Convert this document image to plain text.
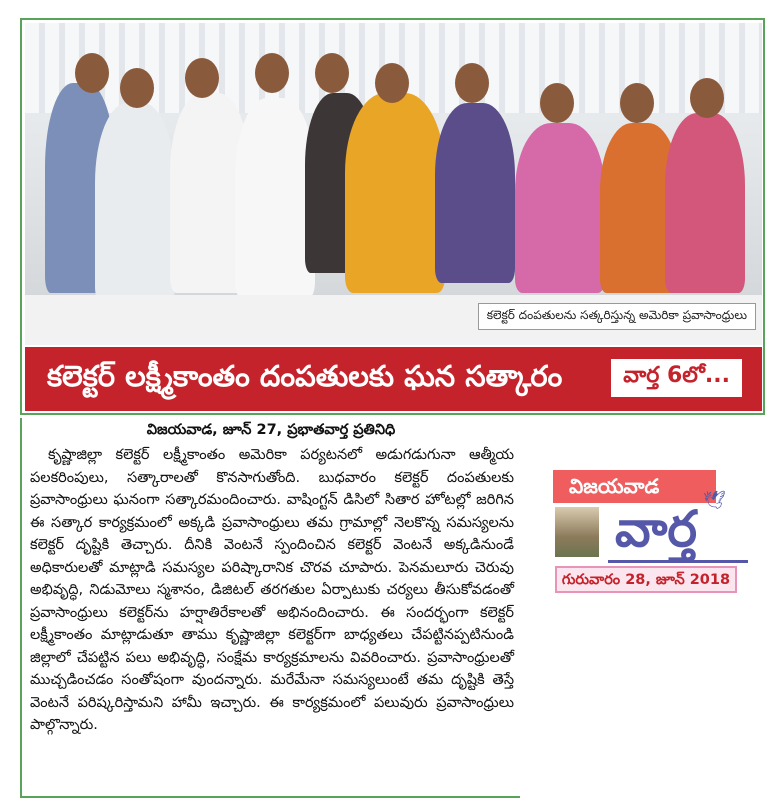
కలెక్టర్ దంపతులను సత్కరిస్తున్న అమెరికా ప్రవాసాంధ్రులు
కలెక్టర్ లక్ష్మీకాంతం దంపతులకు ఘన సత్కారం	వార్త 6లో...
విజయవాడ, జూన్ 27, ప్రభాతవార్త ప్రతినిధి

కృష్ణాజిల్లా కలెక్టర్ లక్ష్మీకాంతం అమెరికా పర్యటనలో అడుగడుగునా ఆత్మీయ పలకరింపులు, సత్కారాలతో కొనసాగుతోంది. బుధవారం కలెక్టర్ దంపతులకు ప్రవాసాంధ్రులు ఘనంగా సత్కారమందించారు. వాషింగ్టన్ డిసిలో సితార హోటల్లో జరిగిన ఈ సత్కార కార్యక్రమంలో అక్కడి ప్రవాసాంధ్రులు తమ గ్రామాల్లో నెలకొన్న సమస్యలను కలెక్టర్ దృష్టికి తెచ్చారు. దీనికి వెంటనే స్పందించిన కలెక్టర్ వెంటనే అక్కడినుండే అధికారులతో మాట్లాడి సమస్యల పరిష్కారానిక చొరవ చూపారు. పెనమలూరు చెరువు అభివృద్ధి, నిడుమోలు స్మశానం, డిజిటల్ తరగతుల ఏర్పాటుకు చర్యలు తీసుకోవడంతో ప్రవాసాంధ్రులు కలెక్టర్‌ను హర్షాతిరేకాలతో అభినందించారు. ఈ సందర్భంగా కలెక్టర్ లక్ష్మీకాంతం మాట్లాడుతూ తాము కృష్ణాజిల్లా కలెక్టర్‌గా బాధ్యతలు చేపట్టినప్పటినుండి జిల్లాలో చేపట్టిన పలు అభివృద్ధి, సంక్షేమ కార్యక్రమాలను వివరించారు. ప్రవాసాంధ్రులతో ముచ్చడించడం సంతోషంగా వుందన్నారు. మరేమేనా సమస్యలుంటే తమ దృష్టికి తెస్తే వెంటనే పరిష్కరిస్తామని హామీ ఇచ్చారు. ఈ కార్యక్రమంలో పలువురు ప్రవాసాంధ్రులు పాల్గొన్నారు.

విజయవాడ
వార్త 🕊
గురువారం 28, జూన్ 2018
